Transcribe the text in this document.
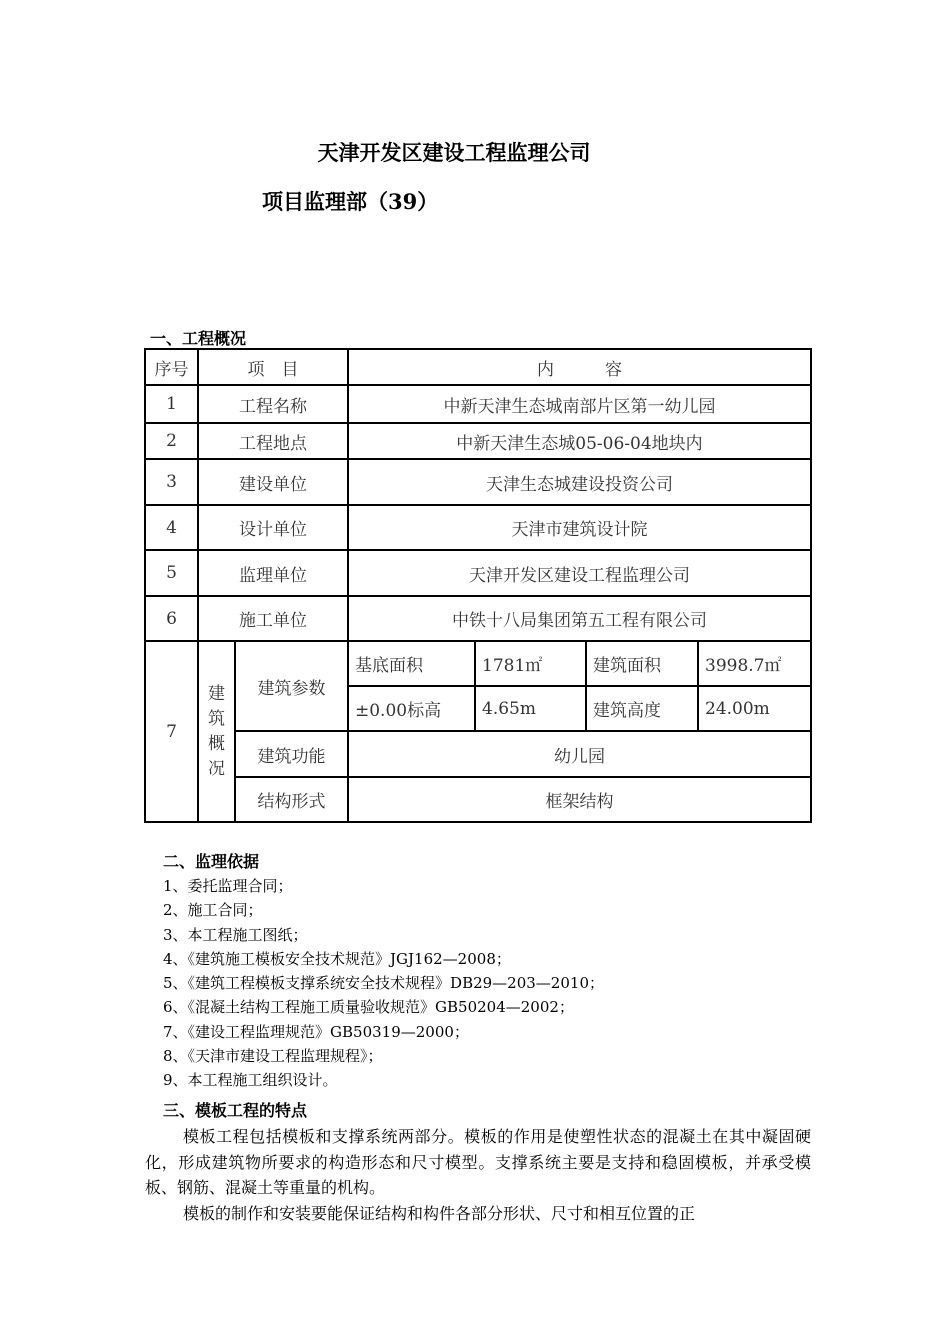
天津开发区建设工程监理公司
项目监理部（39）
一、工程概况
序号	项　目		内　　　容			
1	工程名称		中新天津生态城南部片区第一幼儿园			
2	工程地点		中新天津生态城05-06-04地块内			
3	建设单位		天津生态城建设投资公司			
4	设计单位		天津市建筑设计院			
5	监理单位		天津开发区建设工程监理公司			
6	施工单位		中铁十八局集团第五工程有限公司			
7	建筑概况	建筑参数	基底面积	1781㎡	建筑面积	3998.7㎡
			±0.00标高	4.65m	建筑高度	24.00m
		建筑功能	幼儿园			
		结构形式	框架结构			
二、监理依据
1、委托监理合同；
2、施工合同；
3、本工程施工图纸；
4、《建筑施工模板安全技术规范》JGJ162—2008；
5、《建筑工程模板支撑系统安全技术规程》DB29—203—2010；
6、《混凝土结构工程施工质量验收规范》GB50204—2002；
7、《建设工程监理规范》GB50319—2000；
8、《天津市建设工程监理规程》；
9、本工程施工组织设计。
三、模板工程的特点

模板工程包括模板和支撑系统两部分。模板的作用是使塑性状态的混凝土在其中凝固硬化，形成建筑物所要求的构造形态和尺寸模型。支撑系统主要是支持和稳固模板，并承受模板、钢筋、混凝土等重量的机构。

模板的制作和安装要能保证结构和构件各部分形状、尺寸和相互位置的正
